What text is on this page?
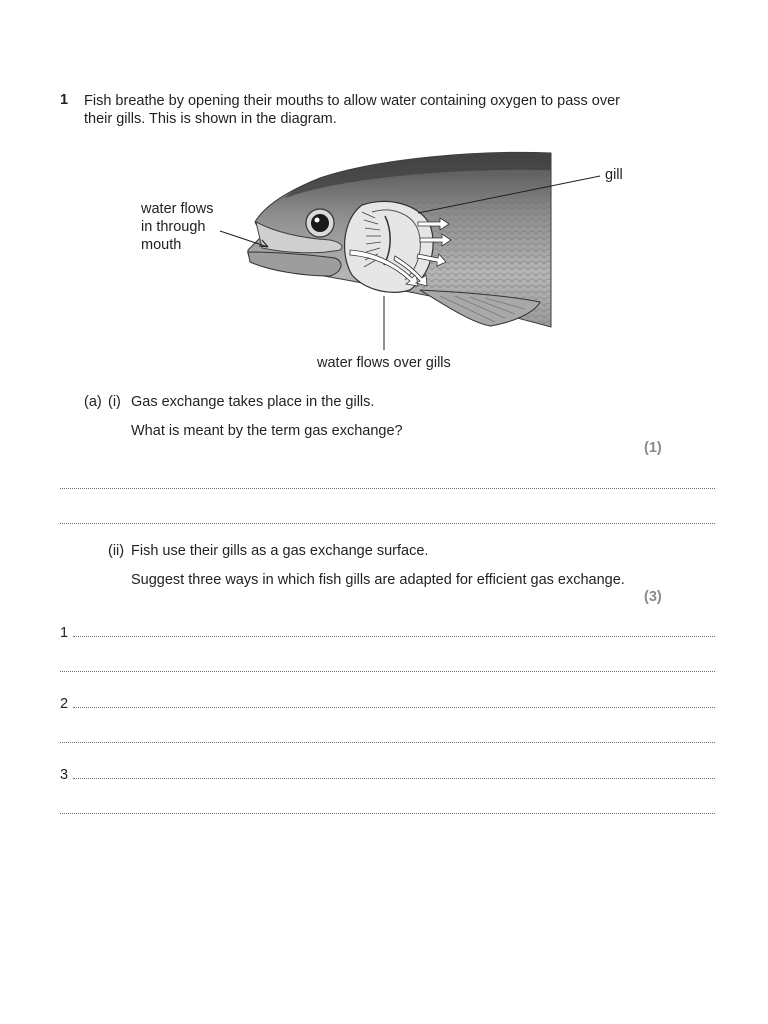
1 Fish breathe by opening their mouths to allow water containing oxygen to pass over
their gills. This is shown in the diagram.
gill
water flows
in through
mouth
water flows over gills
(a) (i) Gas exchange takes place in the gills.
What is meant by the term gas exchange?
(1)
(ii) Fish use their gills as a gas exchange surface.
Suggest three ways in which fish gills are adapted for efficient gas exchange.
(3)
1
2
3
